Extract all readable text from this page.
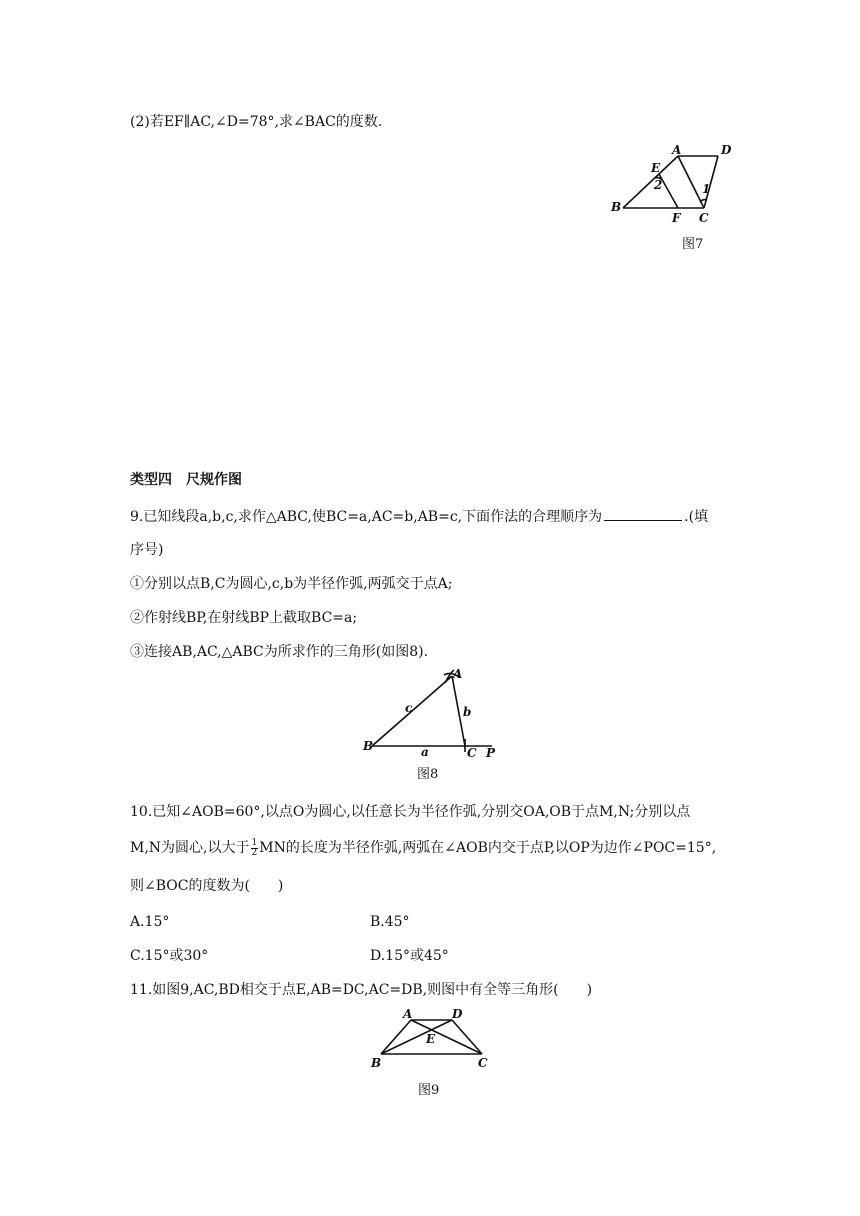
(2)若EF∥AC,∠D=78°,求∠BAC的度数.
A	D
E
2	1
B
F C
图7
类型四　尺规作图
9.已知线段a,b,c,求作△ABC,使BC=a,AC=b,AB=c,下面作法的合理顺序为	.(填
序号)
①分别以点B,C为圆心,c,b为半径作弧,两弧交于点A;
②作射线BP,在射线BP上截取BC=a;
③连接AB,AC,△ABC为所求作的三角形(如图8).
A
c	b
B	a	C P
图8
10.已知∠AOB=60°,以点O为圆心,以任意长为半径作弧,分别交OA,OB于点M,N;分别以点
M,N为圆心,以大于 $\frac{1}{2}$ MN的长度为半径作弧,两弧在∠AOB内交于点P,以OP为边作∠POC=15°,
则∠BOC的度数为(　　)
A.15°	B.45°
C.15°或30°	D.15°或45°
11.如图9,AC,BD相交于点E,AB=DC,AC=DB,则图中有全等三角形(　　)
A	D
E
B	C
图9
